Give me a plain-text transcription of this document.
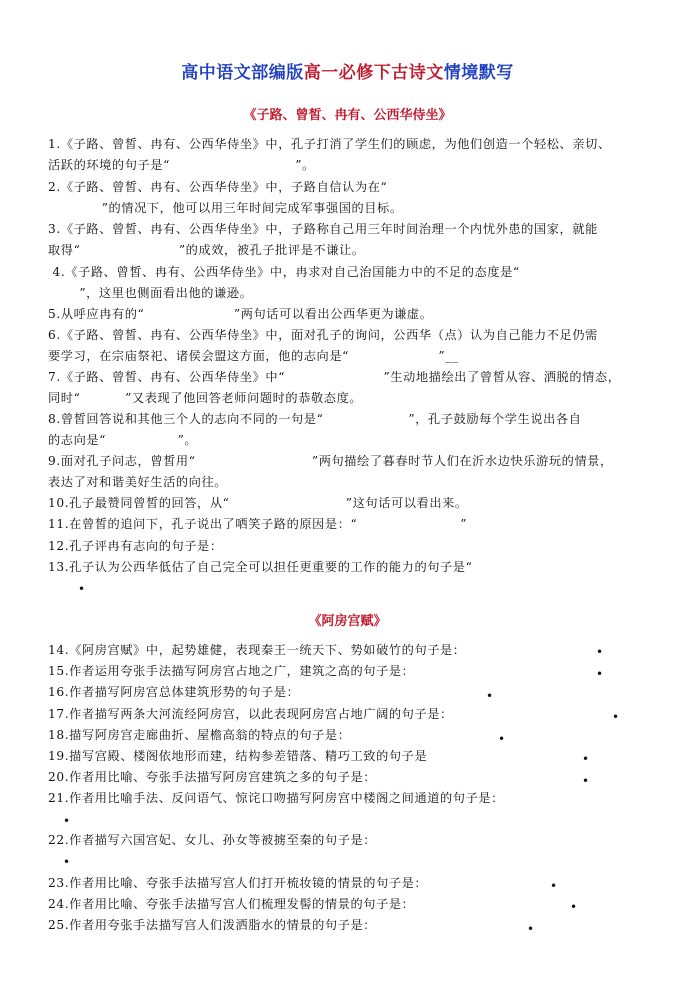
高中语文部编版高一必修下古诗文情境默写
《子路、曾皙、冉有、公西华侍坐》
1.《子路、曾皙、冉有、公西华侍坐》中，孔子打消了学生们的顾虑，为他们创造一个轻松、亲切、
活跃的环境的句子是“                            ”。
2.《子路、曾皙、冉有、公西华侍坐》中，子路自信认为在“
”的情况下，他可以用三年时间完成军事强国的目标。
3.《子路、曾皙、冉有、公西华侍坐》中，子路称自己用三年时间治理一个内忧外患的国家，就能
取得“                      ”的成效，被孔子批评是不谦让。
4.《子路、曾皙、冉有、公西华侍坐》中，冉求对自己治国能力中的不足的态度是“
”，这里也侧面看出他的谦逊。
5.从呼应冉有的“                    ”两句话可以看出公西华更为谦虚。
6.《子路、曾皙、冉有、公西华侍坐》中，面对孔子的询问，公西华（点）认为自己能力不足仍需
要学习，在宗庙祭祀、诸侯会盟这方面，他的志向是“                    ”__
7.《子路、曾皙、冉有、公西华侍坐》中“                      ”生动地描绘出了曾皙从容、洒脱的情态，
同时“          ”又表现了他回答老师问题时的恭敬态度。
8.曾皙回答说和其他三个人的志向不同的一句是“                   ”，孔子鼓励每个学生说出各自
的志向是“                ”。
9.面对孔子问志，曾皙用“                          ”两句描绘了暮春时节人们在沂水边快乐游玩的情景，
表达了对和谐美好生活的向往。
10.孔子最赞同曾皙的回答，从“                          ”这句话可以看出来。
11.在曾皙的追问下，孔子说出了哂笑子路的原因是：“                       ”
12.孔子评冉有志向的句子是：
13.孔子认为公西华低估了自己完全可以担任更重要的工作的能力的句子是“
•
《阿房宫赋》
14.《阿房宫赋》中，起势雄健，表现秦王一统天下、势如破竹的句子是：	•
15.作者运用夸张手法描写阿房宫占地之广，建筑之高的句子是：	•
16.作者描写阿房宫总体建筑形势的句子是：	•
17.作者描写两条大河流经阿房宫，以此表现阿房宫占地广阔的句子是：	•
18.描写阿房宫走廊曲折、屋檐高翁的特点的句子是：	•
19.描写宫殿、楼阁依地形而建，结构参差错落、精巧工致的句子是	•
20.作者用比喻、夸张手法描写阿房宫建筑之多的句子是：	•
21.作者用比喻手法、反问语气、惊诧口吻描写阿房宫中楼阁之间通道的句子是：
•
22.作者描写六国宫妃、女儿、孙女等被掳至秦的句子是：
•
23.作者用比喻、夸张手法描写宫人们打开梳妆镜的情景的句子是：	•
24.作者用比喻、夸张手法描写宫人们梳理发髻的情景的句子是：	•
25.作者用夸张手法描写宫人们泼洒脂水的情景的句子是：	•
